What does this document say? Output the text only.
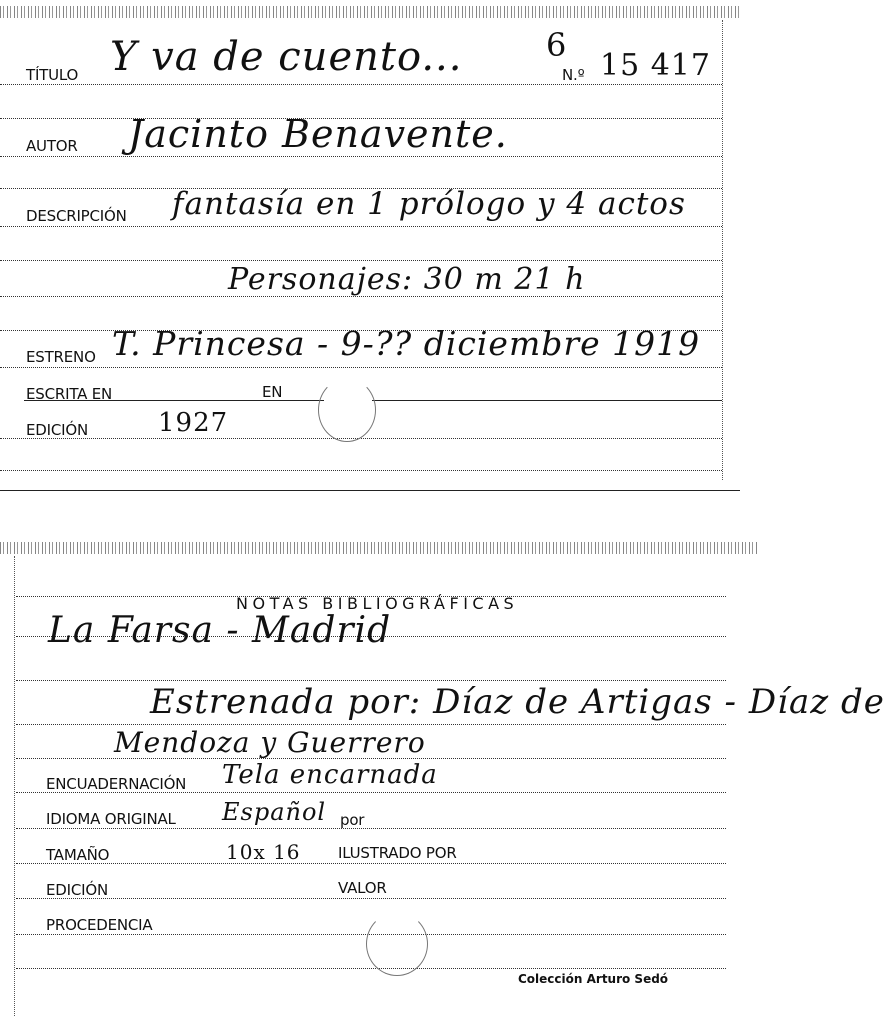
TÍTULO Y va de cuento...	6
N.º 15 417
AUTOR Jacinto Benavente.
DESCRIPCIÓN fantasía en 1 prólogo y 4 actos
Personajes: 30 m 21 h
ESTRENO T. Princesa - 9-?? diciembre 1919
ESCRITA EN	EN
EDICIÓN	1927
NOTAS BIBLIOGRÁFICAS
La Farsa - Madrid
Estrenada por: Díaz de Artigas - Díaz de
Mendoza y Guerrero
ENCUADERNACIÓN Tela encarnada
IDIOMA ORIGINAL Español por
TAMAÑO	10x 16 ILUSTRADO POR
EDICIÓN	VALOR
PROCEDENCIA
Colección Arturo Sedó
